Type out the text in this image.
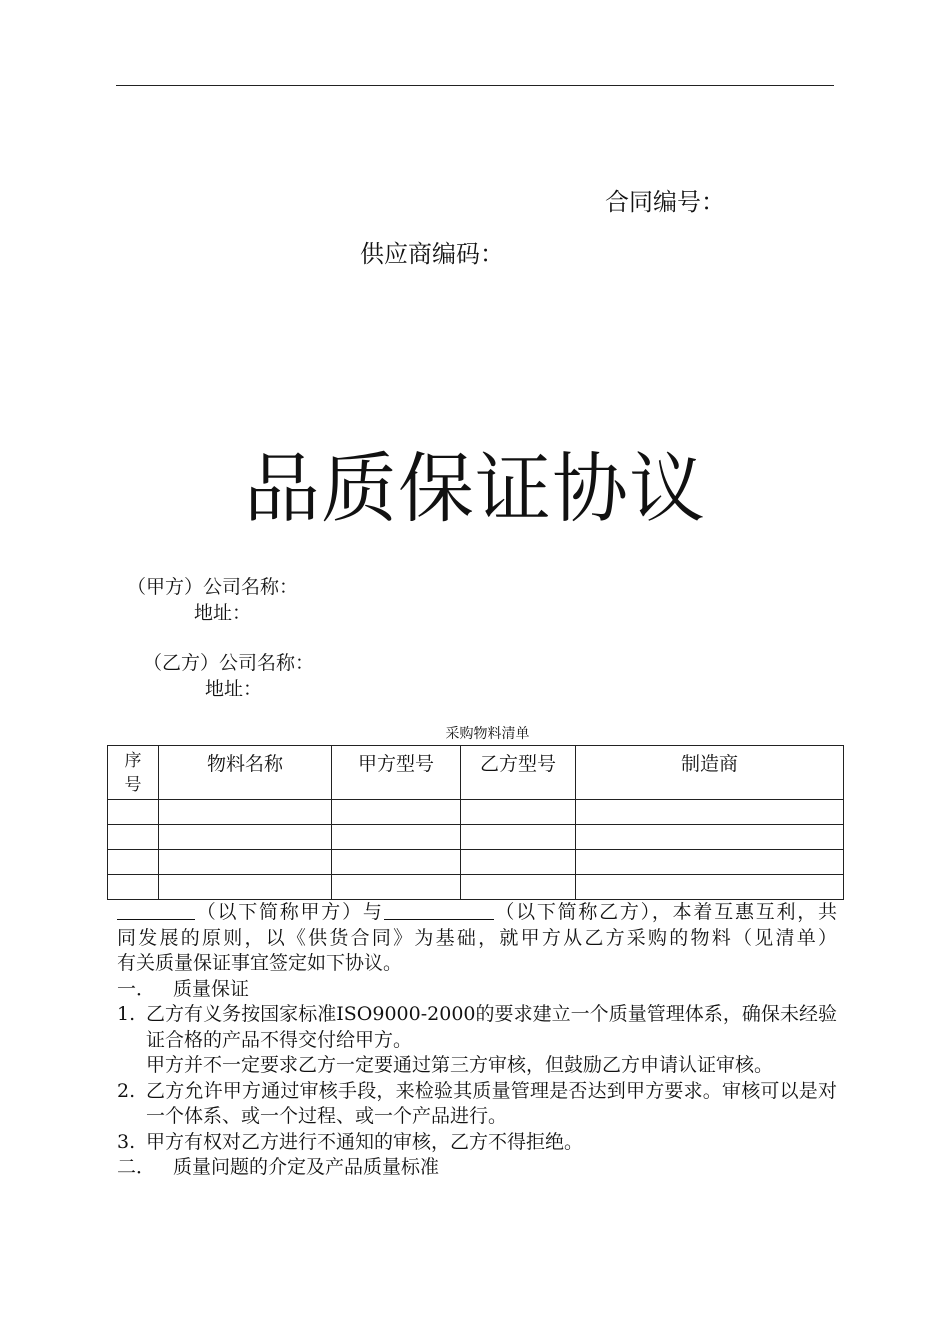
合同编号：
供应商编码：
品质保证协议
（甲方）公司名称：
地址：
（乙方）公司名称：
地址：
采购物料清单
序号	物料名称	甲方型号	乙方型号	制造商

（以下简称甲方）与	（以下简称乙方），本着互惠互利，共

同发展的原则，以《供货合同》为基础，就甲方从乙方采购的物料（见清单）

有关质量保证事宜签定如下协议。

一． 质量保证

1. 乙方有义务按国家标准ISO9000-2000的要求建立一个质量管理体系，确保未经验证合格的产品不得交付给甲方。

甲方并不一定要求乙方一定要通过第三方审核，但鼓励乙方申请认证审核。

2. 乙方允许甲方通过审核手段，来检验其质量管理是否达到甲方要求。审核可以是对一个体系、或一个过程、或一个产品进行。

3. 甲方有权对乙方进行不通知的审核，乙方不得拒绝。

二． 质量问题的介定及产品质量标准
